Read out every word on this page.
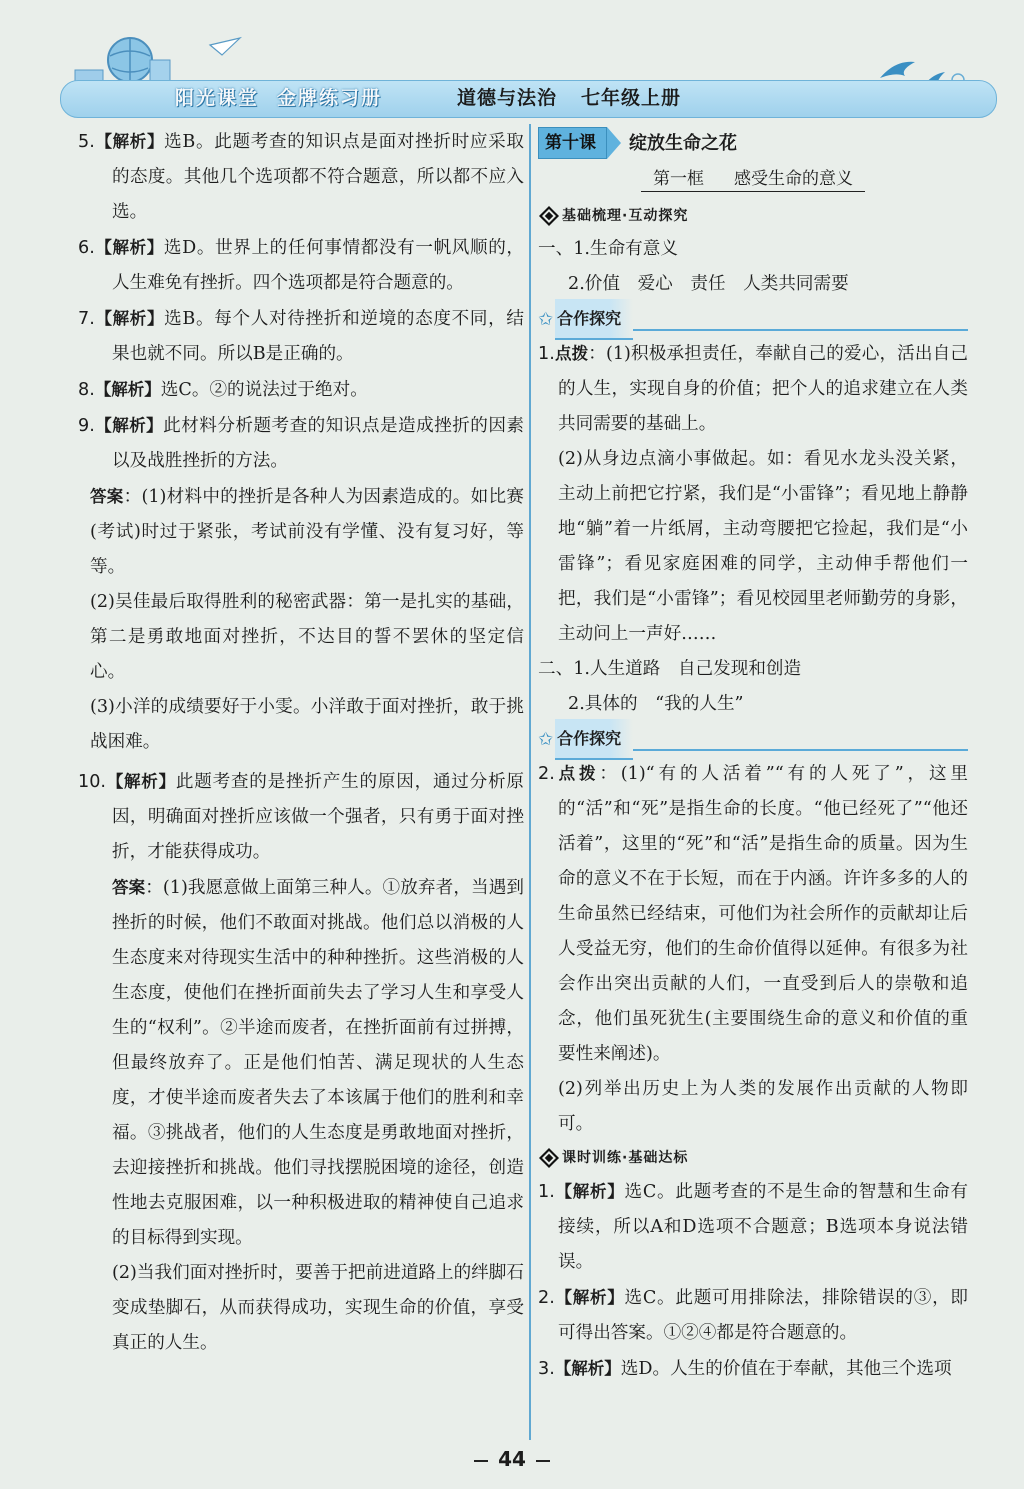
阳光课堂 金牌练习册	道德与法治 七年级上册

5.【解析】选B。此题考查的知识点是面对挫折时应采取的态度。其他几个选项都不符合题意，所以都不应入选。

6.【解析】选D。世界上的任何事情都没有一帆风顺的，人生难免有挫折。四个选项都是符合题意的。

7.【解析】选B。每个人对待挫折和逆境的态度不同，结果也就不同。所以B是正确的。

8.【解析】选C。②的说法过于绝对。

9.【解析】此材料分析题考查的知识点是造成挫折的因素以及战胜挫折的方法。

答案：(1)材料中的挫折是各种人为因素造成的。如比赛(考试)时过于紧张，考试前没有学懂、没有复习好，等等。

(2)吴佳最后取得胜利的秘密武器：第一是扎实的基础，第二是勇敢地面对挫折，不达目的誓不罢休的坚定信心。

(3)小洋的成绩要好于小雯。小洋敢于面对挫折，敢于挑战困难。

10.【解析】此题考查的是挫折产生的原因，通过分析原因，明确面对挫折应该做一个强者，只有勇于面对挫折，才能获得成功。

答案：(1)我愿意做上面第三种人。①放弃者，当遇到挫折的时候，他们不敢面对挑战。他们总以消极的人生态度来对待现实生活中的种种挫折。这些消极的人生态度，使他们在挫折面前失去了学习人生和享受人生的“权利”。②半途而废者，在挫折面前有过拼搏，但最终放弃了。正是他们怕苦、满足现状的人生态度，才使半途而废者失去了本该属于他们的胜利和幸福。③挑战者，他们的人生态度是勇敢地面对挫折，去迎接挫折和挑战。他们寻找摆脱困境的途径，创造性地去克服困难，以一种积极进取的精神使自己追求的目标得到实现。

(2)当我们面对挫折时，要善于把前进道路上的绊脚石变成垫脚石，从而获得成功，实现生命的价值，享受真正的人生。

第十课	绽放生命之花
第一框 感受生命的意义
基础梳理·互动探究

一、1.生命有意义

2.价值　爱心　责任　人类共同需要

✩ 合作探究

1.点拨：(1)积极承担责任，奉献自己的爱心，活出自己的人生，实现自身的价值；把个人的追求建立在人类共同需要的基础上。

(2)从身边点滴小事做起。如：看见水龙头没关紧，主动上前把它拧紧，我们是“小雷锋”；看见地上静静地“躺”着一片纸屑，主动弯腰把它捡起，我们是“小雷锋”；看见家庭困难的同学，主动伸手帮他们一把，我们是“小雷锋”；看见校园里老师勤劳的身影，主动问上一声好……

二、1.人生道路　自己发现和创造

2.具体的　“我的人生”

✩ 合作探究

2.点拨：(1)“有的人活着”“有的人死了”，这里的“活”和“死”是指生命的长度。“他已经死了”“他还活着”，这里的“死”和“活”是指生命的质量。因为生命的意义不在于长短，而在于内涵。许许多多的人的生命虽然已经结束，可他们为社会所作的贡献却让后人受益无穷，他们的生命价值得以延伸。有很多为社会作出突出贡献的人们，一直受到后人的崇敬和追念，他们虽死犹生(主要围绕生命的意义和价值的重要性来阐述)。

(2)列举出历史上为人类的发展作出贡献的人物即可。

课时训练·基础达标

1.【解析】选C。此题考查的不是生命的智慧和生命有接续，所以A和D选项不合题意；B选项本身说法错误。

2.【解析】选C。此题可用排除法，排除错误的③，即可得出答案。①②④都是符合题意的。

3.【解析】选D。人生的价值在于奉献，其他三个选项

44
